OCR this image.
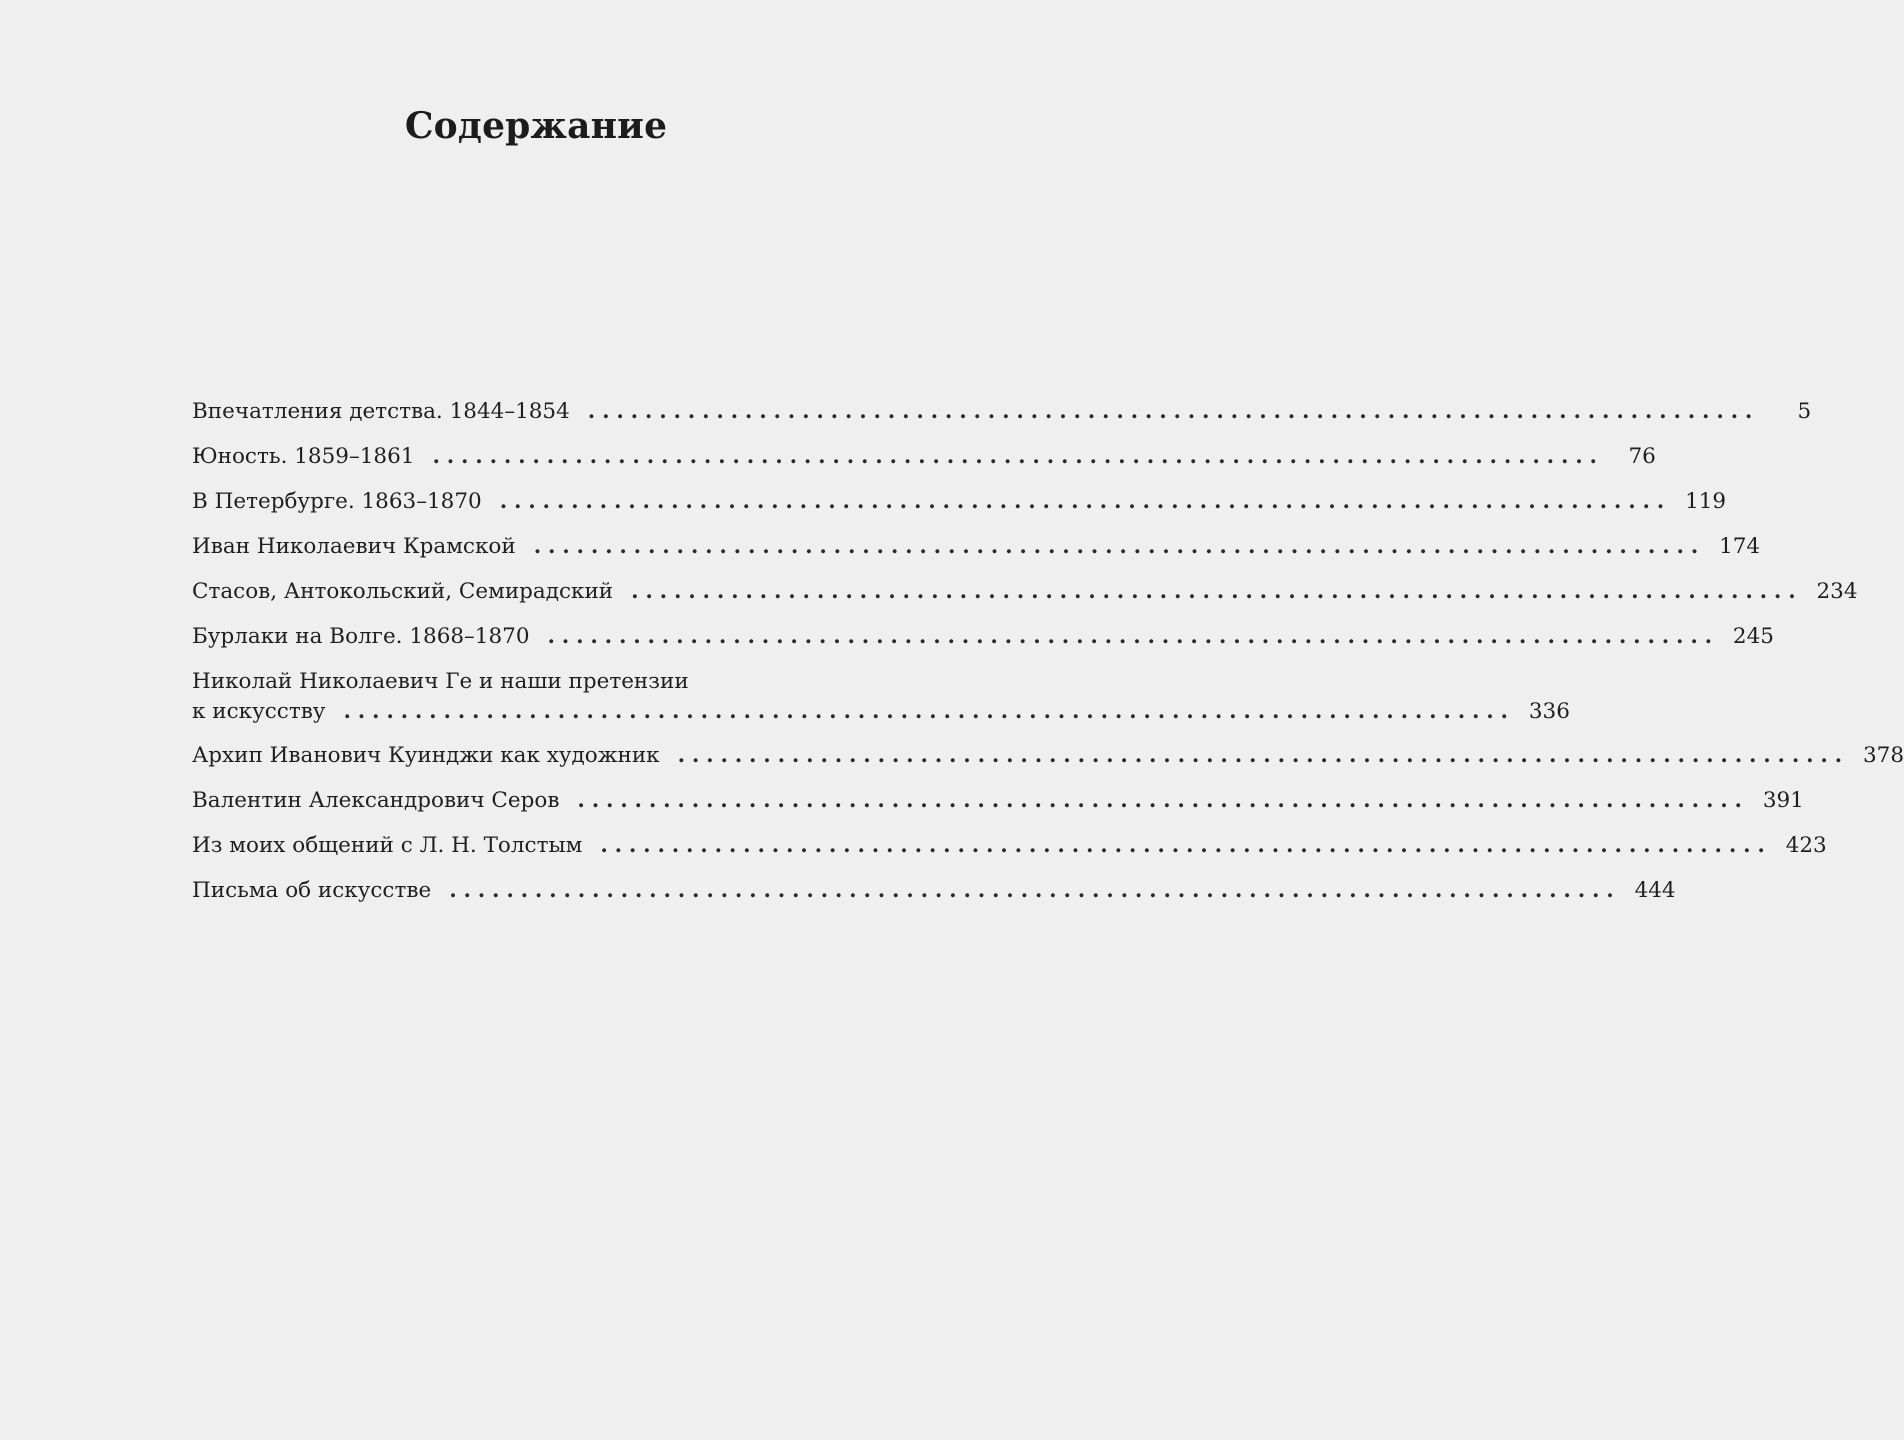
Содержание
Впечатления детства. 1844–1854 ..................................................................................	5
Юность. 1859–1861 ..................................................................................	76
В Петербурге. 1863–1870 .................................................................................. 119
Иван Николаевич Крамской .................................................................................. 174
Стасов, Антокольский, Семирадский .................................................................................. 234
Бурлаки на Волге. 1868–1870 .................................................................................. 245
Николай Николаевич Ге и наши претензии
к искусству .................................................................................. 336
Архип Иванович Куинджи как художник .................................................................................. 378
Валентин Александрович Серов .................................................................................. 391
Из моих общений с Л. Н. Толстым .................................................................................. 423
Письма об искусстве .................................................................................. 444
